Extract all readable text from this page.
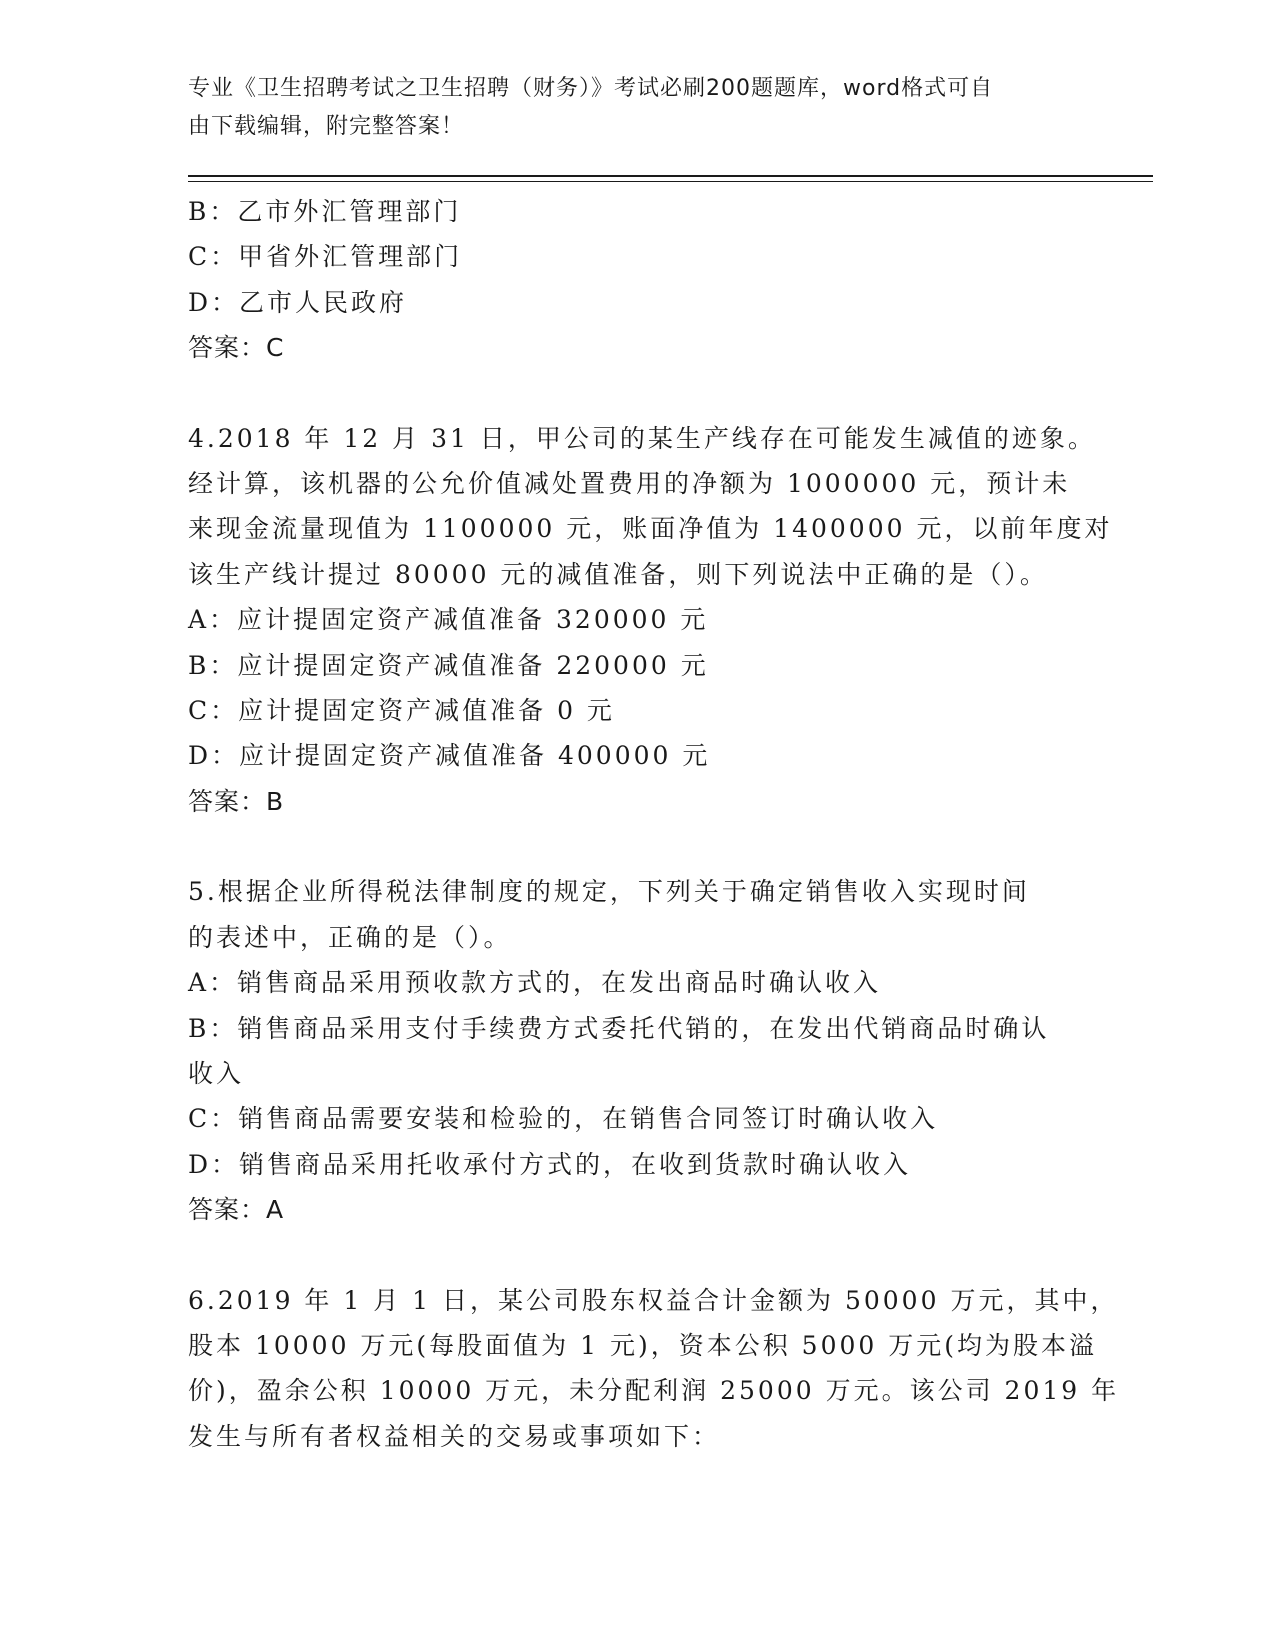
专业《卫生招聘考试之卫生招聘（财务）》考试必刷200题题库，word格式可自
由下载编辑，附完整答案！
B：乙市外汇管理部门
C：甲省外汇管理部门
D：乙市人民政府
答案：C
4.2018 年 12 月 31 日，甲公司的某生产线存在可能发生减值的迹象。
经计算，该机器的公允价值减处置费用的净额为 1000000 元，预计未
来现金流量现值为 1100000 元，账面净值为 1400000 元，以前年度对
该生产线计提过 80000 元的减值准备，则下列说法中正确的是（）。
A：应计提固定资产减值准备 320000 元
B：应计提固定资产减值准备 220000 元
C：应计提固定资产减值准备 0 元
D：应计提固定资产减值准备 400000 元
答案：B
5.根据企业所得税法律制度的规定，下列关于确定销售收入实现时间
的表述中，正确的是（）。
A：销售商品采用预收款方式的，在发出商品时确认收入
B：销售商品采用支付手续费方式委托代销的，在发出代销商品时确认
收入
C：销售商品需要安装和检验的，在销售合同签订时确认收入
D：销售商品采用托收承付方式的，在收到货款时确认收入
答案：A
6.2019 年 1 月 1 日，某公司股东权益合计金额为 50000 万元，其中，
股本 10000 万元(每股面值为 1 元)，资本公积 5000 万元(均为股本溢
价)，盈余公积 10000 万元，未分配利润 25000 万元。该公司 2019 年
发生与所有者权益相关的交易或事项如下：
